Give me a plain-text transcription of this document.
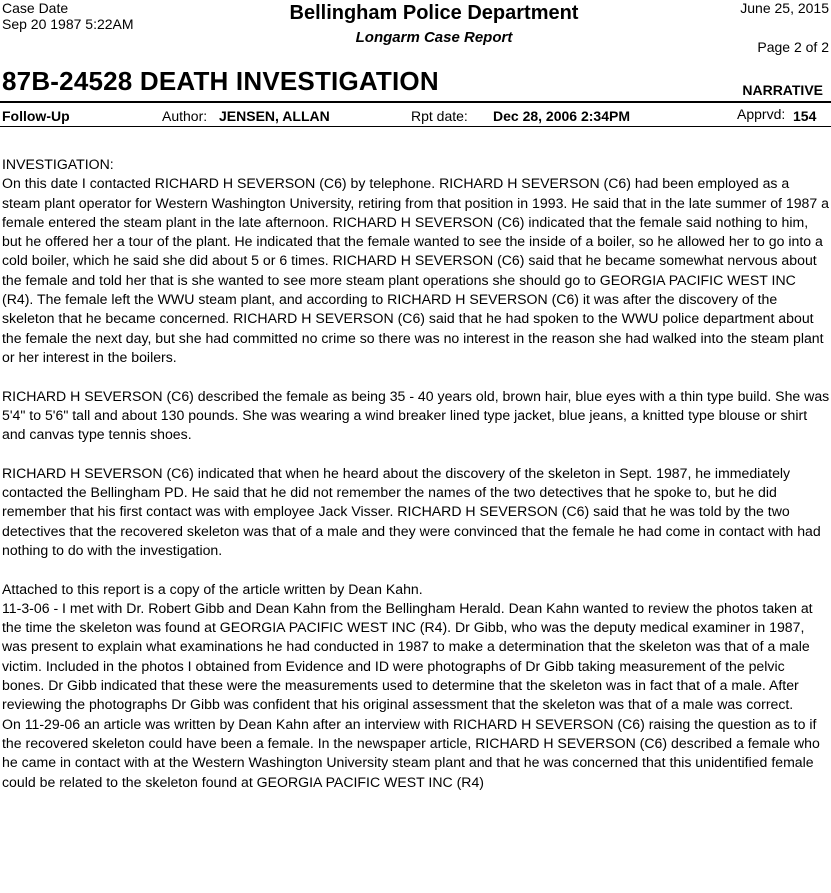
Case Date
Sep 20 1987 5:22AM	Bellingham Police Department
Longarm Case Report
June 25, 2015
Page 2 of 2
87B-24528 DEATH INVESTIGATION	NARRATIVE
Follow-Up	Author: JENSEN, ALLAN	Rpt date: Dec 28, 2006 2:34PM	Apprvd: 154

INVESTIGATION:

On this date I contacted RICHARD H SEVERSON (C6) by telephone. RICHARD H SEVERSON (C6) had been employed as a steam plant operator for Western Washington University, retiring from that position in 1993. He said that in the late summer of 1987 a female entered the steam plant in the late afternoon. RICHARD H SEVERSON (C6) indicated that the female said nothing to him, but he offered her a tour of the plant. He indicated that the female wanted to see the inside of a boiler, so he allowed her to go into a cold boiler, which he said she did about 5 or 6 times. RICHARD H SEVERSON (C6) said that he became somewhat nervous about the female and told her that is she wanted to see more steam plant operations she should go to GEORGIA PACIFIC WEST INC (R4). The female left the WWU steam plant, and according to RICHARD H SEVERSON (C6) it was after the discovery of the skeleton that he became concerned. RICHARD H SEVERSON (C6) said that he had spoken to the WWU police department about the female the next day, but she had committed no crime so there was no interest in the reason she had walked into the steam plant or her interest in the boilers.

RICHARD H SEVERSON (C6) described the female as being 35 - 40 years old, brown hair, blue eyes with a thin type build. She was 5'4" to 5'6" tall and about 130 pounds. She was wearing a wind breaker lined type jacket, blue jeans, a knitted type blouse or shirt and canvas type tennis shoes.

RICHARD H SEVERSON (C6) indicated that when he heard about the discovery of the skeleton in Sept. 1987, he immediately contacted the Bellingham PD. He said that he did not remember the names of the two detectives that he spoke to, but he did remember that his first contact was with employee Jack Visser. RICHARD H SEVERSON (C6) said that he was told by the two detectives that the recovered skeleton was that of a male and they were convinced that the female he had come in contact with had nothing to do with the investigation.

Attached to this report is a copy of the article written by Dean Kahn.

11-3-06 - I met with Dr. Robert Gibb and Dean Kahn from the Bellingham Herald. Dean Kahn wanted to review the photos taken at the time the skeleton was found at GEORGIA PACIFIC WEST INC (R4). Dr Gibb, who was the deputy medical examiner in 1987, was present to explain what examinations he had conducted in 1987 to make a determination that the skeleton was that of a male victim. Included in the photos I obtained from Evidence and ID were photographs of Dr Gibb taking measurement of the pelvic bones. Dr Gibb indicated that these were the measurements used to determine that the skeleton was in fact that of a male. After reviewing the photographs Dr Gibb was confident that his original assessment that the skeleton was that of a male was correct.

On 11-29-06 an article was written by Dean Kahn after an interview with RICHARD H SEVERSON (C6) raising the question as to if the recovered skeleton could have been a female. In the newspaper article, RICHARD H SEVERSON (C6) described a female who he came in contact with at the Western Washington University steam plant and that he was concerned that this unidentified female could be related to the skeleton found at GEORGIA PACIFIC WEST INC (R4)
